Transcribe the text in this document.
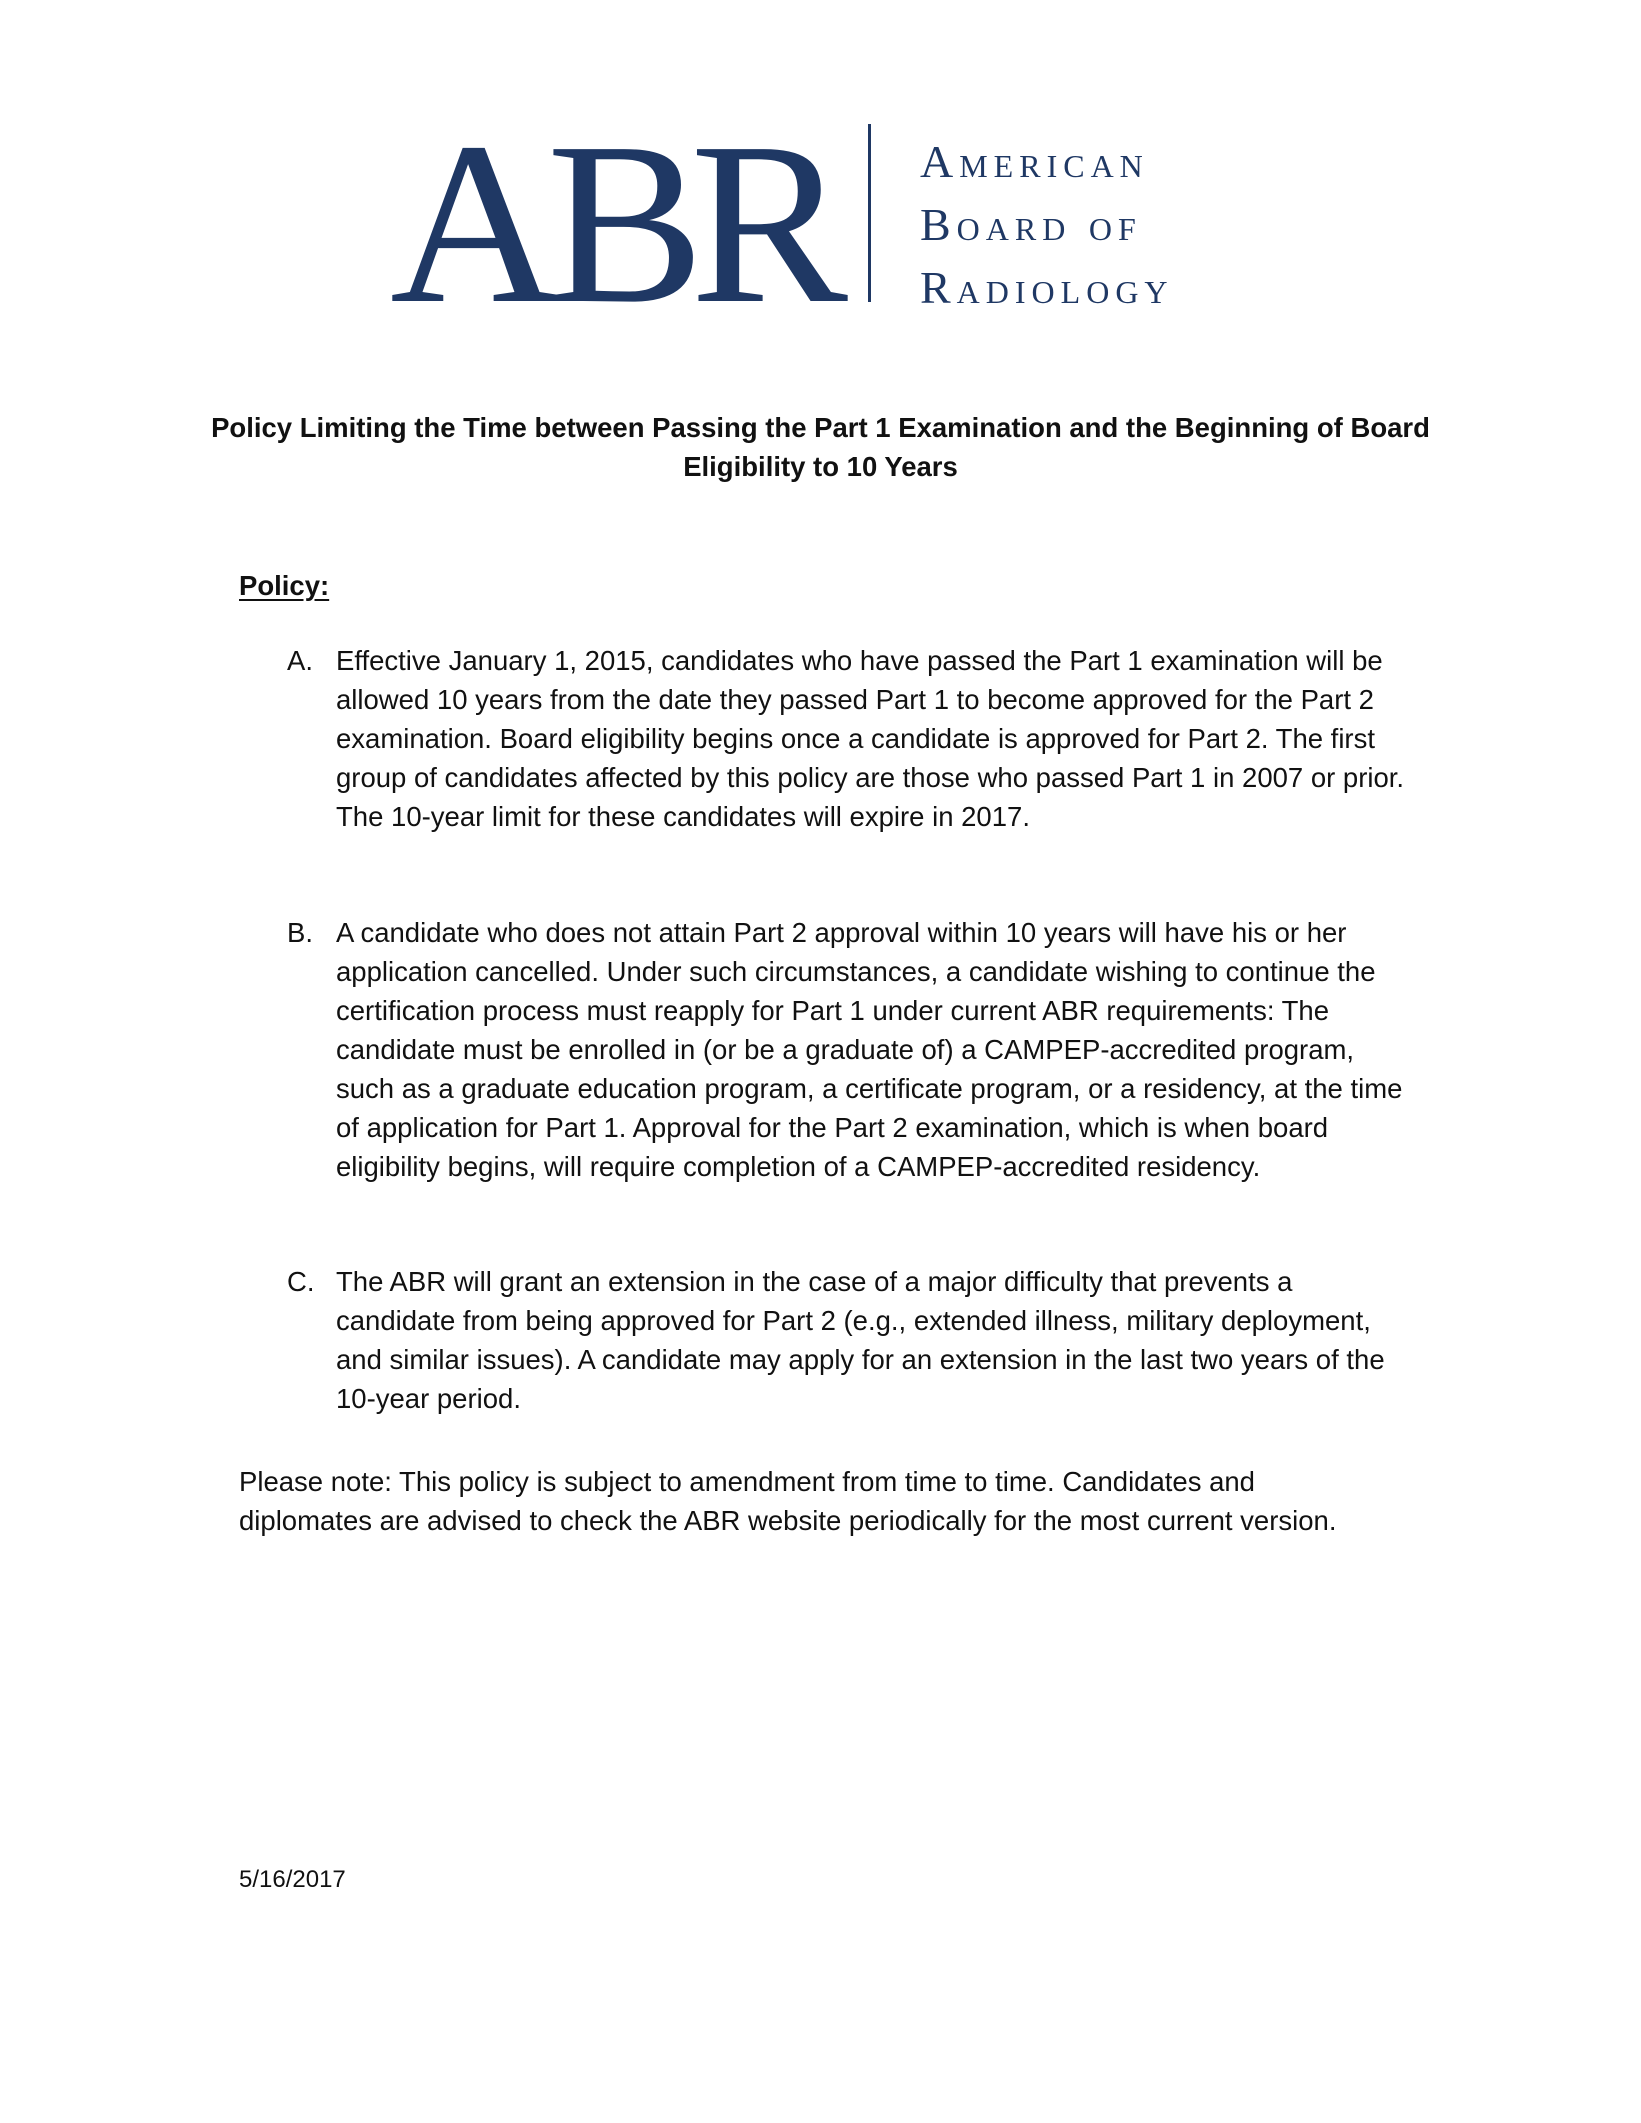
ABR American
Board of
Radiology
Policy Limiting the Time between Passing the Part 1 Examination and the Beginning of Board Eligibility to 10 Years
Policy:
A. Effective January 1, 2015, candidates who have passed the Part 1 examination will be allowed 10 years from the date they passed Part 1 to become approved for the Part 2 examination. Board eligibility begins once a candidate is approved for Part 2. The first group of candidates affected by this policy are those who passed Part 1 in 2007 or prior. The 10-year limit for these candidates will expire in 2017.
B. A candidate who does not attain Part 2 approval within 10 years will have his or her application cancelled. Under such circumstances, a candidate wishing to continue the certification process must reapply for Part 1 under current ABR requirements: The candidate must be enrolled in (or be a graduate of) a CAMPEP-accredited program, such as a graduate education program, a certificate program, or a residency, at the time of application for Part 1. Approval for the Part 2 examination, which is when board eligibility begins, will require completion of a CAMPEP-accredited residency.
C. The ABR will grant an extension in the case of a major difficulty that prevents a candidate from being approved for Part 2 (e.g., extended illness, military deployment, and similar issues). A candidate may apply for an extension in the last two years of the 10-year period.
Please note: This policy is subject to amendment from time to time. Candidates and diplomates are advised to check the ABR website periodically for the most current version.
5/16/2017
